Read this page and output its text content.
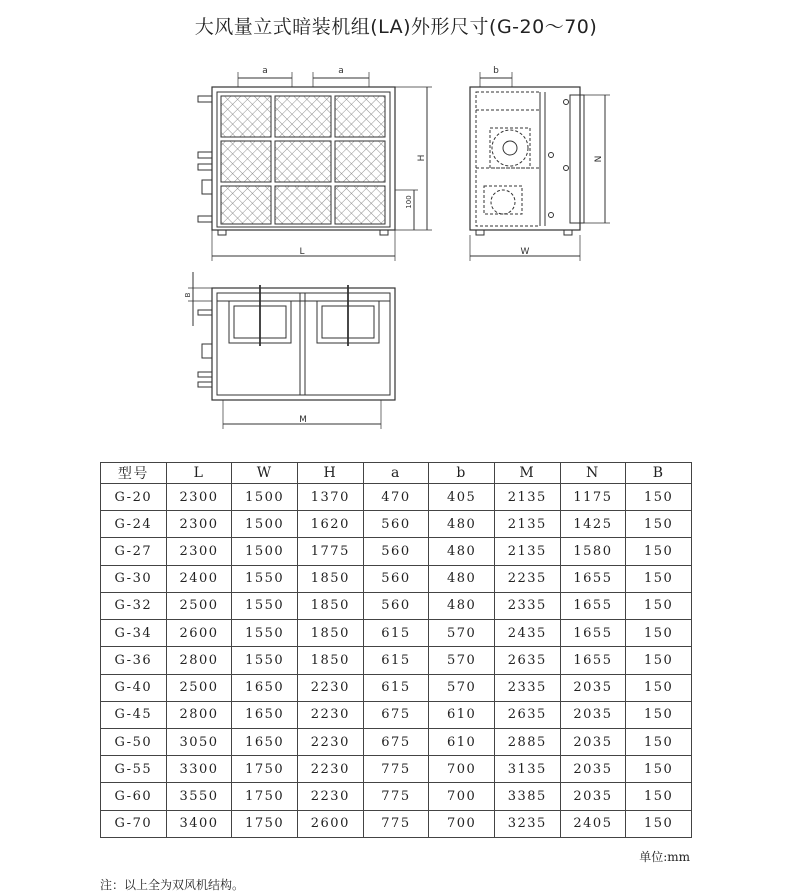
大风量立式暗装机组(LA)外形尺寸(G-20～70)
a	a	b
H
100
L
N
W
B
M
型号	L	W	H	a	b	M	N	B
G-20	2300	1500	1370	470	405	2135	1175	150
G-24	2300	1500	1620	560	480	2135	1425	150
G-27	2300	1500	1775	560	480	2135	1580	150
G-30	2400	1550	1850	560	480	2235	1655	150
G-32	2500	1550	1850	560	480	2335	1655	150
G-34	2600	1550	1850	615	570	2435	1655	150
G-36	2800	1550	1850	615	570	2635	1655	150
G-40	2500	1650	2230	615	570	2335	2035	150
G-45	2800	1650	2230	675	610	2635	2035	150
G-50	3050	1650	2230	675	610	2885	2035	150
G-55	3300	1750	2230	775	700	3135	2035	150
G-60	3550	1750	2230	775	700	3385	2035	150
G-70	3400	1750	2600	775	700	3235	2405	150
单位:mm
注：以上全为双风机结构。
